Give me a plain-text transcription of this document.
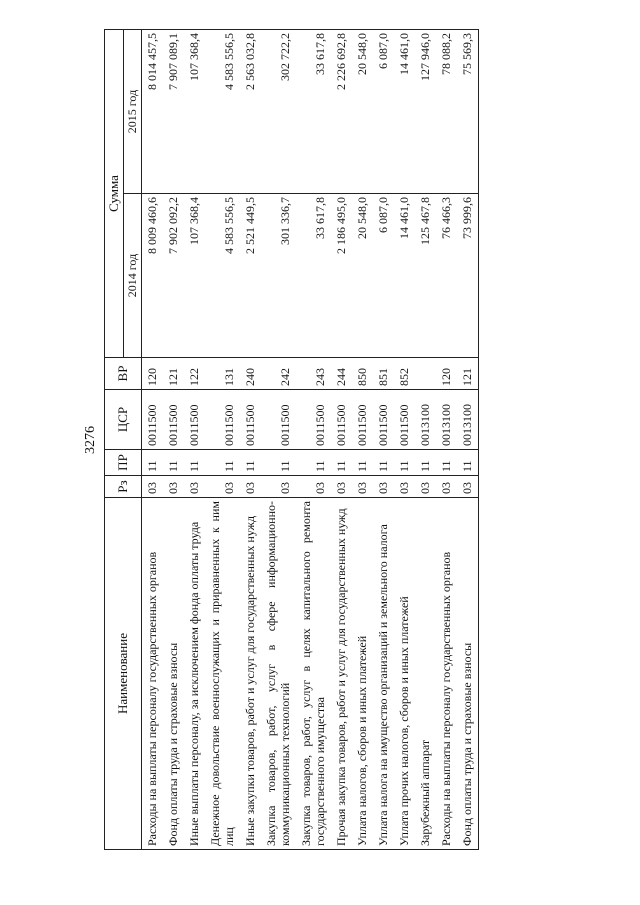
3276
Наименование	Рз	ПР	ЦСР	ВР	Сумма	
					2014 год	2015 год
Расходы на выплаты персоналу государственных органов	03	11	0011500	120	8 009 460,6	8 014 457,5
Фонд оплаты труда и страховые взносы	03	11	0011500	121	7 902 092,2	7 907 089,1
Иные выплаты персоналу, за исключением фонда оплаты труда	03	11	0011500	122	107 368,4	107 368,4
Денежное довольствие военнослужащих и приравненных к ним лиц	03	11	0011500	131	4 583 556,5	4 583 556,5
Иные закупки товаров, работ и услуг для государственных нужд	03	11	0011500	240	2 521 449,5	2 563 032,8
Закупка товаров, работ, услуг в сфере информационно-коммуникационных технологий	03	11	0011500	242	301 336,7	302 722,2
Закупка товаров, работ, услуг в целях капитального ремонта государственного имущества	03	11	0011500	243	33 617,8	33 617,8
Прочая закупка товаров, работ и услуг для государственных нужд	03	11	0011500	244	2 186 495,0	2 226 692,8
Уплата налогов, сборов и иных платежей	03	11	0011500	850	20 548,0	20 548,0
Уплата налога на имущество организаций и земельного налога	03	11	0011500	851	6 087,0	6 087,0
Уплата прочих налогов, сборов и иных платежей	03	11	0011500	852	14 461,0	14 461,0
Зарубежный аппарат	03	11	0013100		125 467,8	127 946,0
Расходы на выплаты персоналу государственных органов	03	11	0013100	120	76 466,3	78 088,2
Фонд оплаты труда и страховые взносы	03	11	0013100	121	73 999,6	75 569,3
